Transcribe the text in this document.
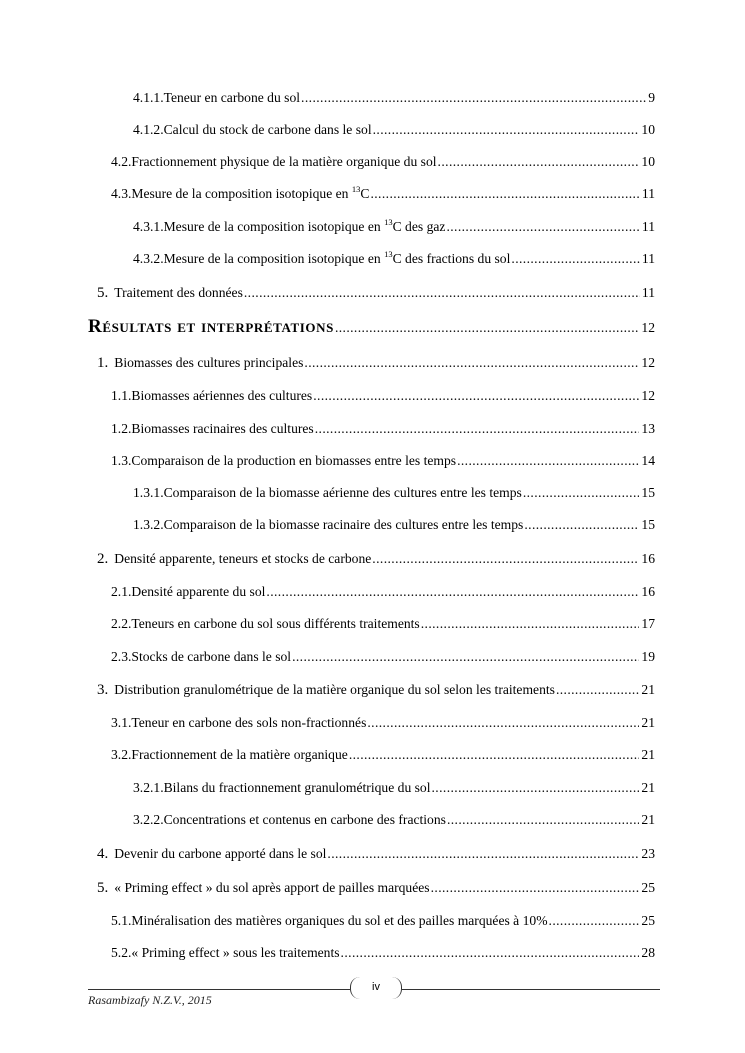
4.1.1. Teneur en carbone du sol .....	9
4.1.2. Calcul du stock de carbone dans le sol .....	10
4.2. Fractionnement physique de la matière organique du sol .....	10
4.3. Mesure de la composition isotopique en $^{13}$C .....	11
4.3.1. Mesure de la composition isotopique en $^{13}$C des gaz .....	11
4.3.2. Mesure de la composition isotopique en $^{13}$C des fractions du sol .....	11
5. Traitement des données .....	11
Résultats et interprétations .....	12
1. Biomasses des cultures principales .....	12
1.1. Biomasses aériennes des cultures .....	12
1.2. Biomasses racinaires des cultures .....	13
1.3. Comparaison de la production en biomasses entre les temps .....	14
1.3.1. Comparaison de la biomasse aérienne des cultures entre les temps .....	15
1.3.2. Comparaison de la biomasse racinaire des cultures entre les temps .....	15
2. Densité apparente, teneurs et stocks de carbone .....	16
2.1. Densité apparente du sol .....	16
2.2. Teneurs en carbone du sol sous différents traitements .....	17
2.3. Stocks de carbone dans le sol .....	19
3. Distribution granulométrique de la matière organique du sol selon les traitements .....	21
3.1. Teneur en carbone des sols non-fractionnés .....	21
3.2. Fractionnement de la matière organique .....	21
3.2.1. Bilans du fractionnement granulométrique du sol .....	21
3.2.2. Concentrations et contenus en carbone des fractions .....	21
4. Devenir du carbone apporté dans le sol .....	23
5. « Priming effect » du sol après apport de pailles marquées .....	25
5.1. Minéralisation des matières organiques du sol et des pailles marquées à 10% .....	25
5.2. « Priming effect » sous les traitements .....	28
iv
Rasambizafy N.Z.V., 2015
